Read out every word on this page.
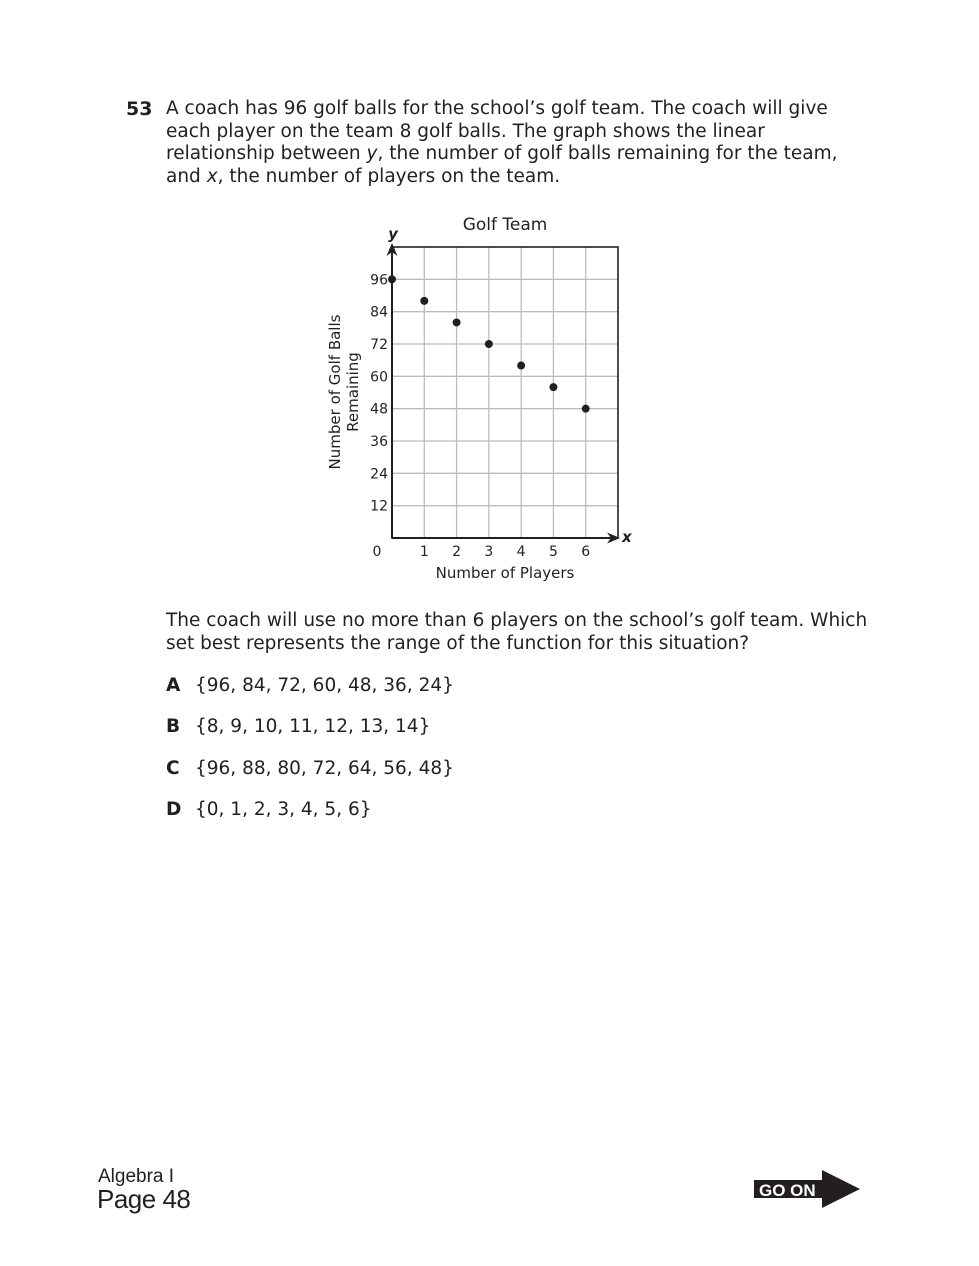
53 A coach has 96 golf balls for the school’s golf team. The coach will give each player on the team 8 golf balls. The graph shows the linear relationship between y, the number of golf balls remaining for the team, and x, the number of players on the team.
Golf Team
y
x
0
Number of Players
Number of Golf Balls Remaining
1 2 3 4 5 6
12
24
36
48
60
72
84
96
The coach will use no more than 6 players on the school’s golf team. Which set best represents the range of the function for this situation?
A {96, 84, 72, 60, 48, 36, 24}
B {8, 9, 10, 11, 12, 13, 14}
C {96, 88, 80, 72, 64, 56, 48}
D {0, 1, 2, 3, 4, 5, 6}
Algebra I
Page 48	GO ON
